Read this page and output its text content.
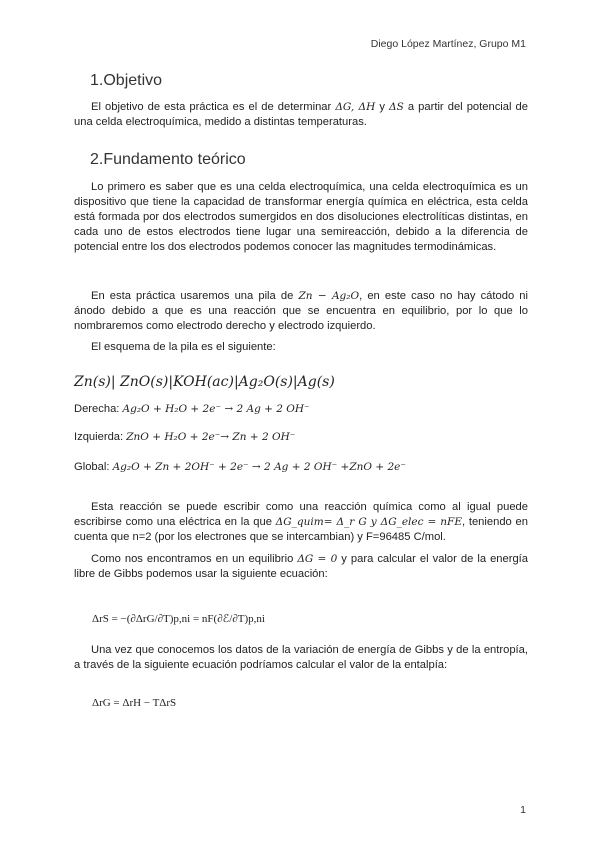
Diego López Martínez, Grupo M1
1.Objetivo

El objetivo de esta práctica es el de determinar ΔG, ΔH y ΔS a partir del potencial de una celda electroquímica, medido a distintas temperaturas.

2.Fundamento teórico

Lo primero es saber que es una celda electroquímica, una celda electroquímica es un dispositivo que tiene la capacidad de transformar energía química en eléctrica, esta celda está formada por dos electrodos sumergidos en dos disoluciones electrolíticas distintas, en cada uno de estos electrodos tiene lugar una semireacción, debido a la diferencia de potencial entre los dos electrodos podemos conocer las magnitudes termodinámicas.

En esta práctica usaremos una pila de Zn − Ag₂O, en este caso no hay cátodo ni ánodo debido a que es una reacción que se encuentra en equilibrio, por lo que lo nombraremos como electrodo derecho y electrodo izquierdo.

El esquema de la pila es el siguiente:

Zn(s)| ZnO(s)|KOH(ac)|Ag₂O(s)|Ag(s)
Derecha: Ag₂O + H₂O + 2e⁻ → 2 Ag + 2 OH⁻
Izquierda: ZnO + H₂O + 2e⁻→ Zn + 2 OH⁻
Global: Ag₂O + Zn + 2OH⁻ + 2e⁻ → 2 Ag + 2 OH⁻ +ZnO + 2e⁻

Esta reacción se puede escribir como una reacción química como al igual puede escribirse como una eléctrica en la que ΔG_quim= Δ_r G y ΔG_elec = nFE, teniendo en cuenta que n=2 (por los electrones que se intercambian) y F=96485 C/mol.

Como nos encontramos en un equilibrio ΔG = 0 y para calcular el valor de la energía libre de Gibbs podemos usar la siguiente ecuación:

ΔrS = −(∂ΔrG/∂T)p,ni = nF(∂ℰ/∂T)p,ni

Una vez que conocemos los datos de la variación de energía de Gibbs y de la entropía, a través de la siguiente ecuación podríamos calcular el valor de la entalpía:

ΔrG = ΔrH − TΔrS
1
